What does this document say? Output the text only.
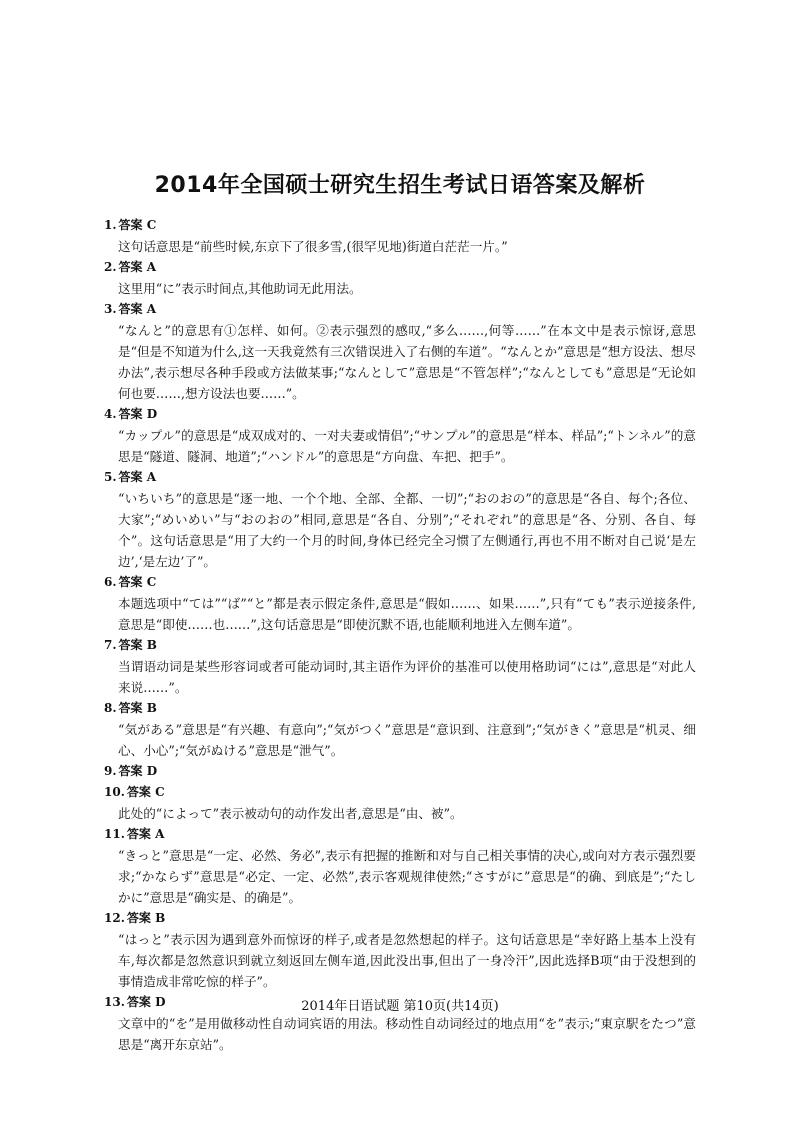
2014年全国硕士研究生招生考试日语答案及解析
1. 答案 C
这句话意思是“前些时候,东京下了很多雪,(很罕见地)街道白茫茫一片。”
2. 答案 A
这里用“に”表示时间点,其他助词无此用法。
3. 答案 A
“なんと”的意思有①怎样、如何。②表示强烈的感叹,“多么……,何等……”在本文中是表示惊讶,意思是“但是不知道为什么,这一天我竟然有三次错误进入了右侧的车道”。“なんとか”意思是“想方设法、想尽办法”,表示想尽各种手段或方法做某事;“なんとして”意思是“不管怎样”;“なんとしても”意思是“无论如何也要……,想方设法也要……”。
4. 答案 D
“カップル”的意思是“成双成对的、一对夫妻或情侣”;“サンプル”的意思是“样本、样品”;“トンネル”的意思是“隧道、隧洞、地道”;“ハンドル”的意思是“方向盘、车把、把手”。
5. 答案 A
“いちいち”的意思是“逐一地、一个个地、全部、全都、一切”;“おのおの”的意思是“各自、每个;各位、大家”;“めいめい”与“おのおの”相同,意思是“各自、分别”;“それぞれ”的意思是“各、分别、各自、每个”。这句话意思是“用了大约一个月的时间,身体已经完全习惯了左侧通行,再也不用不断对自己说‘是左边’,‘是左边’了”。
6. 答案 C
本题选项中“ては”“ば”“と”都是表示假定条件,意思是“假如……、如果……”,只有“ても”表示逆接条件,意思是“即使……也……”,这句话意思是“即使沉默不语,也能顺利地进入左侧车道”。
7. 答案 B
当谓语动词是某些形容词或者可能动词时,其主语作为评价的基准可以使用格助词“には”,意思是“对此人来说……”。
8. 答案 B
“気がある”意思是“有兴趣、有意向”;“気がつく”意思是“意识到、注意到”;“気がきく”意思是“机灵、细心、小心”;“気がぬける”意思是“泄气”。
9. 答案 D
10. 答案 C
此处的“によって”表示被动句的动作发出者,意思是“由、被”。
11. 答案 A
“きっと”意思是“一定、必然、务必”,表示有把握的推断和对与自己相关事情的决心,或向对方表示强烈要求;“かならず”意思是“必定、一定、必然”,表示客观规律使然;“さすがに”意思是“的确、到底是”;“たしかに”意思是“确实是、的确是”。
12. 答案 B
“はっと”表示因为遇到意外而惊讶的样子,或者是忽然想起的样子。这句话意思是“幸好路上基本上没有车,每次都是忽然意识到就立刻返回左侧车道,因此没出事,但出了一身冷汗”,因此选择B项“由于没想到的事情造成非常吃惊的样子”。
13. 答案 D
文章中的“を”是用做移动性自动词宾语的用法。移动性自动词经过的地点用“を”表示;“東京駅をたつ”意思是“离开东京站”。
2014年日语试题 第10页(共14页)
